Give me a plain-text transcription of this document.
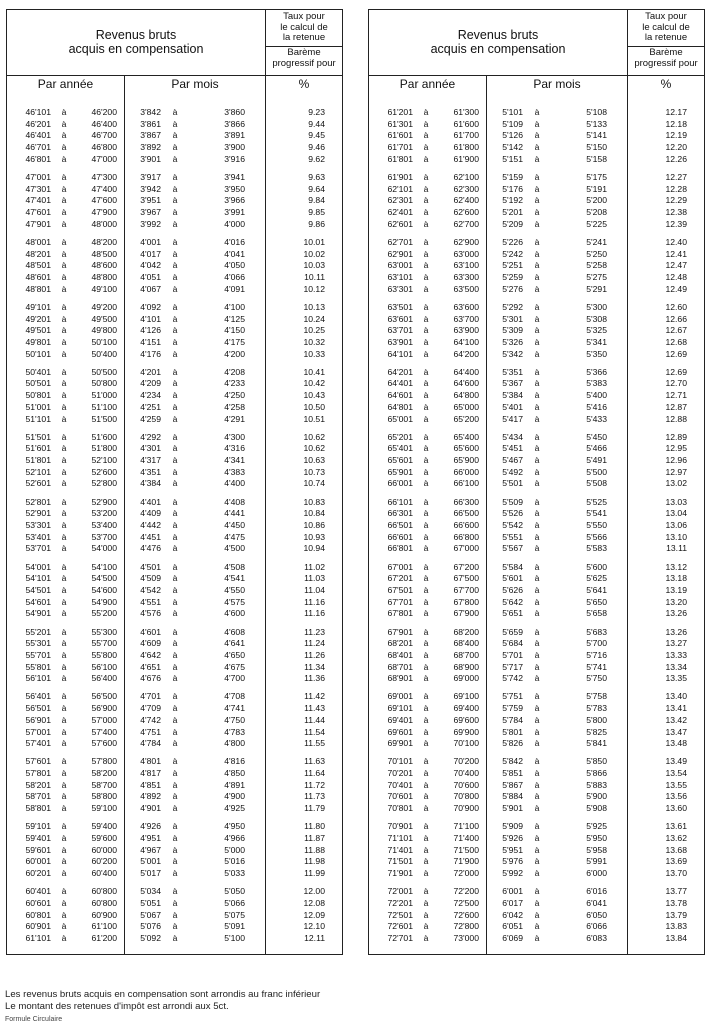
Revenus bruts
acquis en compensation
Taux pour
le calcul de
la retenue
Barème
progressif pour
Par année	Par mois	%
46'101	à	46'200	3'842	à	3'860	9.23
46'201	à	46'400	3'861	à	3'866	9.44
46'401	à	46'700	3'867	à	3'891	9.45
46'701	à	46'800	3'892	à	3'900	9.46
46'801	à	47'000	3'901	à	3'916	9.62
47'001	à	47'300	3'917	à	3'941	9.63
47'301	à	47'400	3'942	à	3'950	9.64
47'401	à	47'600	3'951	à	3'966	9.84
47'601	à	47'900	3'967	à	3'991	9.85
47'901	à	48'000	3'992	à	4'000	9.86
48'001	à	48'200	4'001	à	4'016	10.01
48'201	à	48'500	4'017	à	4'041	10.02
48'501	à	48'600	4'042	à	4'050	10.03
48'601	à	48'800	4'051	à	4'066	10.11
48'801	à	49'100	4'067	à	4'091	10.12
49'101	à	49'200	4'092	à	4'100	10.13
49'201	à	49'500	4'101	à	4'125	10.24
49'501	à	49'800	4'126	à	4'150	10.25
49'801	à	50'100	4'151	à	4'175	10.32
50'101	à	50'400	4'176	à	4'200	10.33
50'401	à	50'500	4'201	à	4'208	10.41
50'501	à	50'800	4'209	à	4'233	10.42
50'801	à	51'000	4'234	à	4'250	10.43
51'001	à	51'100	4'251	à	4'258	10.50
51'101	à	51'500	4'259	à	4'291	10.51
51'501	à	51'600	4'292	à	4'300	10.62
51'601	à	51'800	4'301	à	4'316	10.62
51'801	à	52'100	4'317	à	4'341	10.63
52'101	à	52'600	4'351	à	4'383	10.73
52'601	à	52'800	4'384	à	4'400	10.74
52'801	à	52'900	4'401	à	4'408	10.83
52'901	à	53'200	4'409	à	4'441	10.84
53'301	à	53'400	4'442	à	4'450	10.86
53'401	à	53'700	4'451	à	4'475	10.93
53'701	à	54'000	4'476	à	4'500	10.94
54'001	à	54'100	4'501	à	4'508	11.02
54'101	à	54'500	4'509	à	4'541	11.03
54'501	à	54'600	4'542	à	4'550	11.04
54'601	à	54'900	4'551	à	4'575	11.16
54'901	à	55'200	4'576	à	4'600	11.16
55'201	à	55'300	4'601	à	4'608	11.23
55'301	à	55'700	4'609	à	4'641	11.24
55'701	à	55'800	4'642	à	4'650	11.26
55'801	à	56'100	4'651	à	4'675	11.34
56'101	à	56'400	4'676	à	4'700	11.36
56'401	à	56'500	4'701	à	4'708	11.42
56'501	à	56'900	4'709	à	4'741	11.43
56'901	à	57'000	4'742	à	4'750	11.44
57'001	à	57'400	4'751	à	4'783	11.54
57'401	à	57'600	4'784	à	4'800	11.55
57'601	à	57'800	4'801	à	4'816	11.63
57'801	à	58'200	4'817	à	4'850	11.64
58'201	à	58'700	4'851	à	4'891	11.72
58'701	à	58'800	4'892	à	4'900	11.73
58'801	à	59'100	4'901	à	4'925	11.79
59'101	à	59'400	4'926	à	4'950	11.80
59'401	à	59'600	4'951	à	4'966	11.87
59'601	à	60'000	4'967	à	5'000	11.88
60'001	à	60'200	5'001	à	5'016	11.98
60'201	à	60'400	5'017	à	5'033	11.99
60'401	à	60'800	5'034	à	5'050	12.00
60'601	à	60'800	5'051	à	5'066	12.08
60'801	à	60'900	5'067	à	5'075	12.09
60'901	à	61'100	5'076	à	5'091	12.10
61'101	à	61'200	5'092	à	5'100	12.11
Revenus bruts
acquis en compensation
Taux pour
le calcul de
la retenue
Barème
progressif pour
Par année	Par mois	%
61'201	à	61'300	5'101	à	5'108	12.17
61'301	à	61'600	5'109	à	5'133	12.18
61'601	à	61'700	5'126	à	5'141	12.19
61'701	à	61'800	5'142	à	5'150	12.20
61'801	à	61'900	5'151	à	5'158	12.26
61'901	à	62'100	5'159	à	5'175	12.27
62'101	à	62'300	5'176	à	5'191	12.28
62'301	à	62'400	5'192	à	5'200	12.29
62'401	à	62'600	5'201	à	5'208	12.38
62'601	à	62'700	5'209	à	5'225	12.39
62'701	à	62'900	5'226	à	5'241	12.40
62'901	à	63'000	5'242	à	5'250	12.41
63'001	à	63'100	5'251	à	5'258	12.47
63'101	à	63'300	5'259	à	5'275	12.48
63'301	à	63'500	5'276	à	5'291	12.49
63'501	à	63'600	5'292	à	5'300	12.60
63'601	à	63'700	5'301	à	5'308	12.66
63'701	à	63'900	5'309	à	5'325	12.67
63'901	à	64'100	5'326	à	5'341	12.68
64'101	à	64'200	5'342	à	5'350	12.69
64'201	à	64'400	5'351	à	5'366	12.69
64'401	à	64'600	5'367	à	5'383	12.70
64'601	à	64'800	5'384	à	5'400	12.71
64'801	à	65'000	5'401	à	5'416	12.87
65'001	à	65'200	5'417	à	5'433	12.88
65'201	à	65'400	5'434	à	5'450	12.89
65'401	à	65'600	5'451	à	5'466	12.95
65'601	à	65'900	5'467	à	5'491	12.96
65'901	à	66'000	5'492	à	5'500	12.97
66'001	à	66'100	5'501	à	5'508	13.02
66'101	à	66'300	5'509	à	5'525	13.03
66'301	à	66'500	5'526	à	5'541	13.04
66'501	à	66'600	5'542	à	5'550	13.06
66'601	à	66'800	5'551	à	5'566	13.10
66'801	à	67'000	5'567	à	5'583	13.11
67'001	à	67'200	5'584	à	5'600	13.12
67'201	à	67'500	5'601	à	5'625	13.18
67'501	à	67'700	5'626	à	5'641	13.19
67'701	à	67'800	5'642	à	5'650	13.20
67'801	à	67'900	5'651	à	5'658	13.26
67'901	à	68'200	5'659	à	5'683	13.26
68'201	à	68'400	5'684	à	5'700	13.27
68'401	à	68'700	5'701	à	5'716	13.33
68'701	à	68'900	5'717	à	5'741	13.34
68'901	à	69'000	5'742	à	5'750	13.35
69'001	à	69'100	5'751	à	5'758	13.40
69'101	à	69'400	5'759	à	5'783	13.41
69'401	à	69'600	5'784	à	5'800	13.42
69'601	à	69'900	5'801	à	5'825	13.47
69'901	à	70'100	5'826	à	5'841	13.48
70'101	à	70'200	5'842	à	5'850	13.49
70'201	à	70'400	5'851	à	5'866	13.54
70'401	à	70'600	5'867	à	5'883	13.55
70'601	à	70'800	5'884	à	5'900	13.56
70'801	à	70'900	5'901	à	5'908	13.60
70'901	à	71'100	5'909	à	5'925	13.61
71'101	à	71'400	5'926	à	5'950	13.62
71'401	à	71'500	5'951	à	5'958	13.68
71'501	à	71'900	5'976	à	5'991	13.69
71'901	à	72'000	5'992	à	6'000	13.70
72'001	à	72'200	6'001	à	6'016	13.77
72'201	à	72'500	6'017	à	6'041	13.78
72'501	à	72'600	6'042	à	6'050	13.79
72'601	à	72'800	6'051	à	6'066	13.83
72'701	à	73'000	6'069	à	6'083	13.84
Les revenus bruts acquis en compensation sont arrondis au franc inférieur
Le montant des retenues d'impôt est arrondi aux 5ct.
Formule Circulaire
